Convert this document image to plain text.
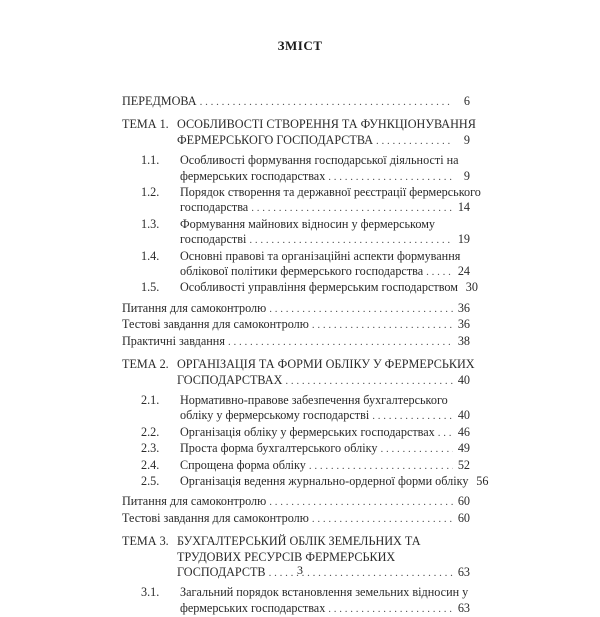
ЗМІСТ
ПЕРЕДМОВА . . .	6
ТЕМА 1. ОСОБЛИВОСТІ СТВОРЕННЯ ТА ФУНКЦІОНУВАННЯ
ФЕРМЕРСЬКОГО ГОСПОДАРСТВА . . .	9
1.1. Особливості формування господарської діяльності на
фермерських господарствах . . .	9
1.2. Порядок створення та державної реєстрації фермерського
господарства . . .	14
1.3. Формування майнових відносин у фермерському
господарстві . . .	19
1.4. Основні правові та організаційні аспекти формування
облікової політики фермерського господарства . . .	24
1.5. Особливості управління фермерським господарством 30
Питання для самоконтролю . . .	36
Тестові завдання для самоконтролю . . .	36
Практичні завдання . . .	38
ТЕМА 2. ОРГАНІЗАЦІЯ ТА ФОРМИ ОБЛІКУ У ФЕРМЕРСЬКИХ
ГОСПОДАРСТВАХ . . .	40
2.1. Нормативно-правове забезпечення бухгалтерського
обліку у фермерському господарстві . . .	40
2.2. Організація обліку у фермерських господарствах . . . 46
2.3. Проста форма бухгалтерського обліку . . .	49
2.4. Спрощена форма обліку . . .	52
2.5. Організація ведення журнально-ордерної форми обліку 56
Питання для самоконтролю . . .	60
Тестові завдання для самоконтролю . . .	60
ТЕМА 3. БУХГАЛТЕРСЬКИЙ ОБЛІК ЗЕМЕЛЬНИХ ТА
ТРУДОВИХ РЕСУРСІВ ФЕРМЕРСЬКИХ
ГОСПОДАРСТВ . . .	63
3.1. Загальний порядок встановлення земельних відносин у
фермерських господарствах . . .	63
3
